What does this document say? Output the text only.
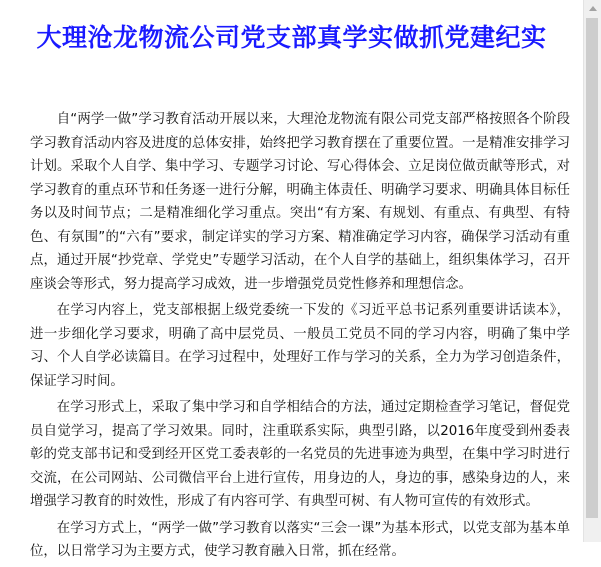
大理沧龙物流公司党支部真学实做抓党建纪实

自“两学一做”学习教育活动开展以来，大理沧龙物流有限公司党支部严格按照各个阶段学习教育活动内容及进度的总体安排，始终把学习教育摆在了重要位置。一是精准安排学习计划。采取个人自学、集中学习、专题学习讨论、写心得体会、立足岗位做贡献等形式，对学习教育的重点环节和任务逐一进行分解，明确主体责任、明确学习要求、明确具体目标任务以及时间节点；二是精准细化学习重点。突出“有方案、有规划、有重点、有典型、有特色、有氛围”的“六有”要求，制定详实的学习方案、精准确定学习内容，确保学习活动有重点，通过开展“抄党章、学党史”专题学习活动，在个人自学的基础上，组织集体学习，召开座谈会等形式，努力提高学习成效，进一步增强党员党性修养和理想信念。

在学习内容上，党支部根据上级党委统一下发的《习近平总书记系列重要讲话读本》，进一步细化学习要求，明确了高中层党员、一般员工党员不同的学习内容，明确了集中学习、个人自学必读篇目。在学习过程中，处理好工作与学习的关系，全力为学习创造条件，保证学习时间。

在学习形式上，采取了集中学习和自学相结合的方法，通过定期检查学习笔记，督促党员自觉学习，提高了学习效果。同时，注重联系实际，典型引路，以2016年度受到州委表彰的党支部书记和受到经开区党工委表彰的一名党员的先进事迹为典型，在集中学习时进行交流，在公司网站、公司微信平台上进行宣传，用身边的人，身边的事，感染身边的人，来增强学习教育的时效性，形成了有内容可学、有典型可树、有人物可宣传的有效形式。

在学习方式上，“两学一做”学习教育以落实“三会一课”为基本形式，以党支部为基本单位，以日常学习为主要方式，使学习教育融入日常，抓在经常。
